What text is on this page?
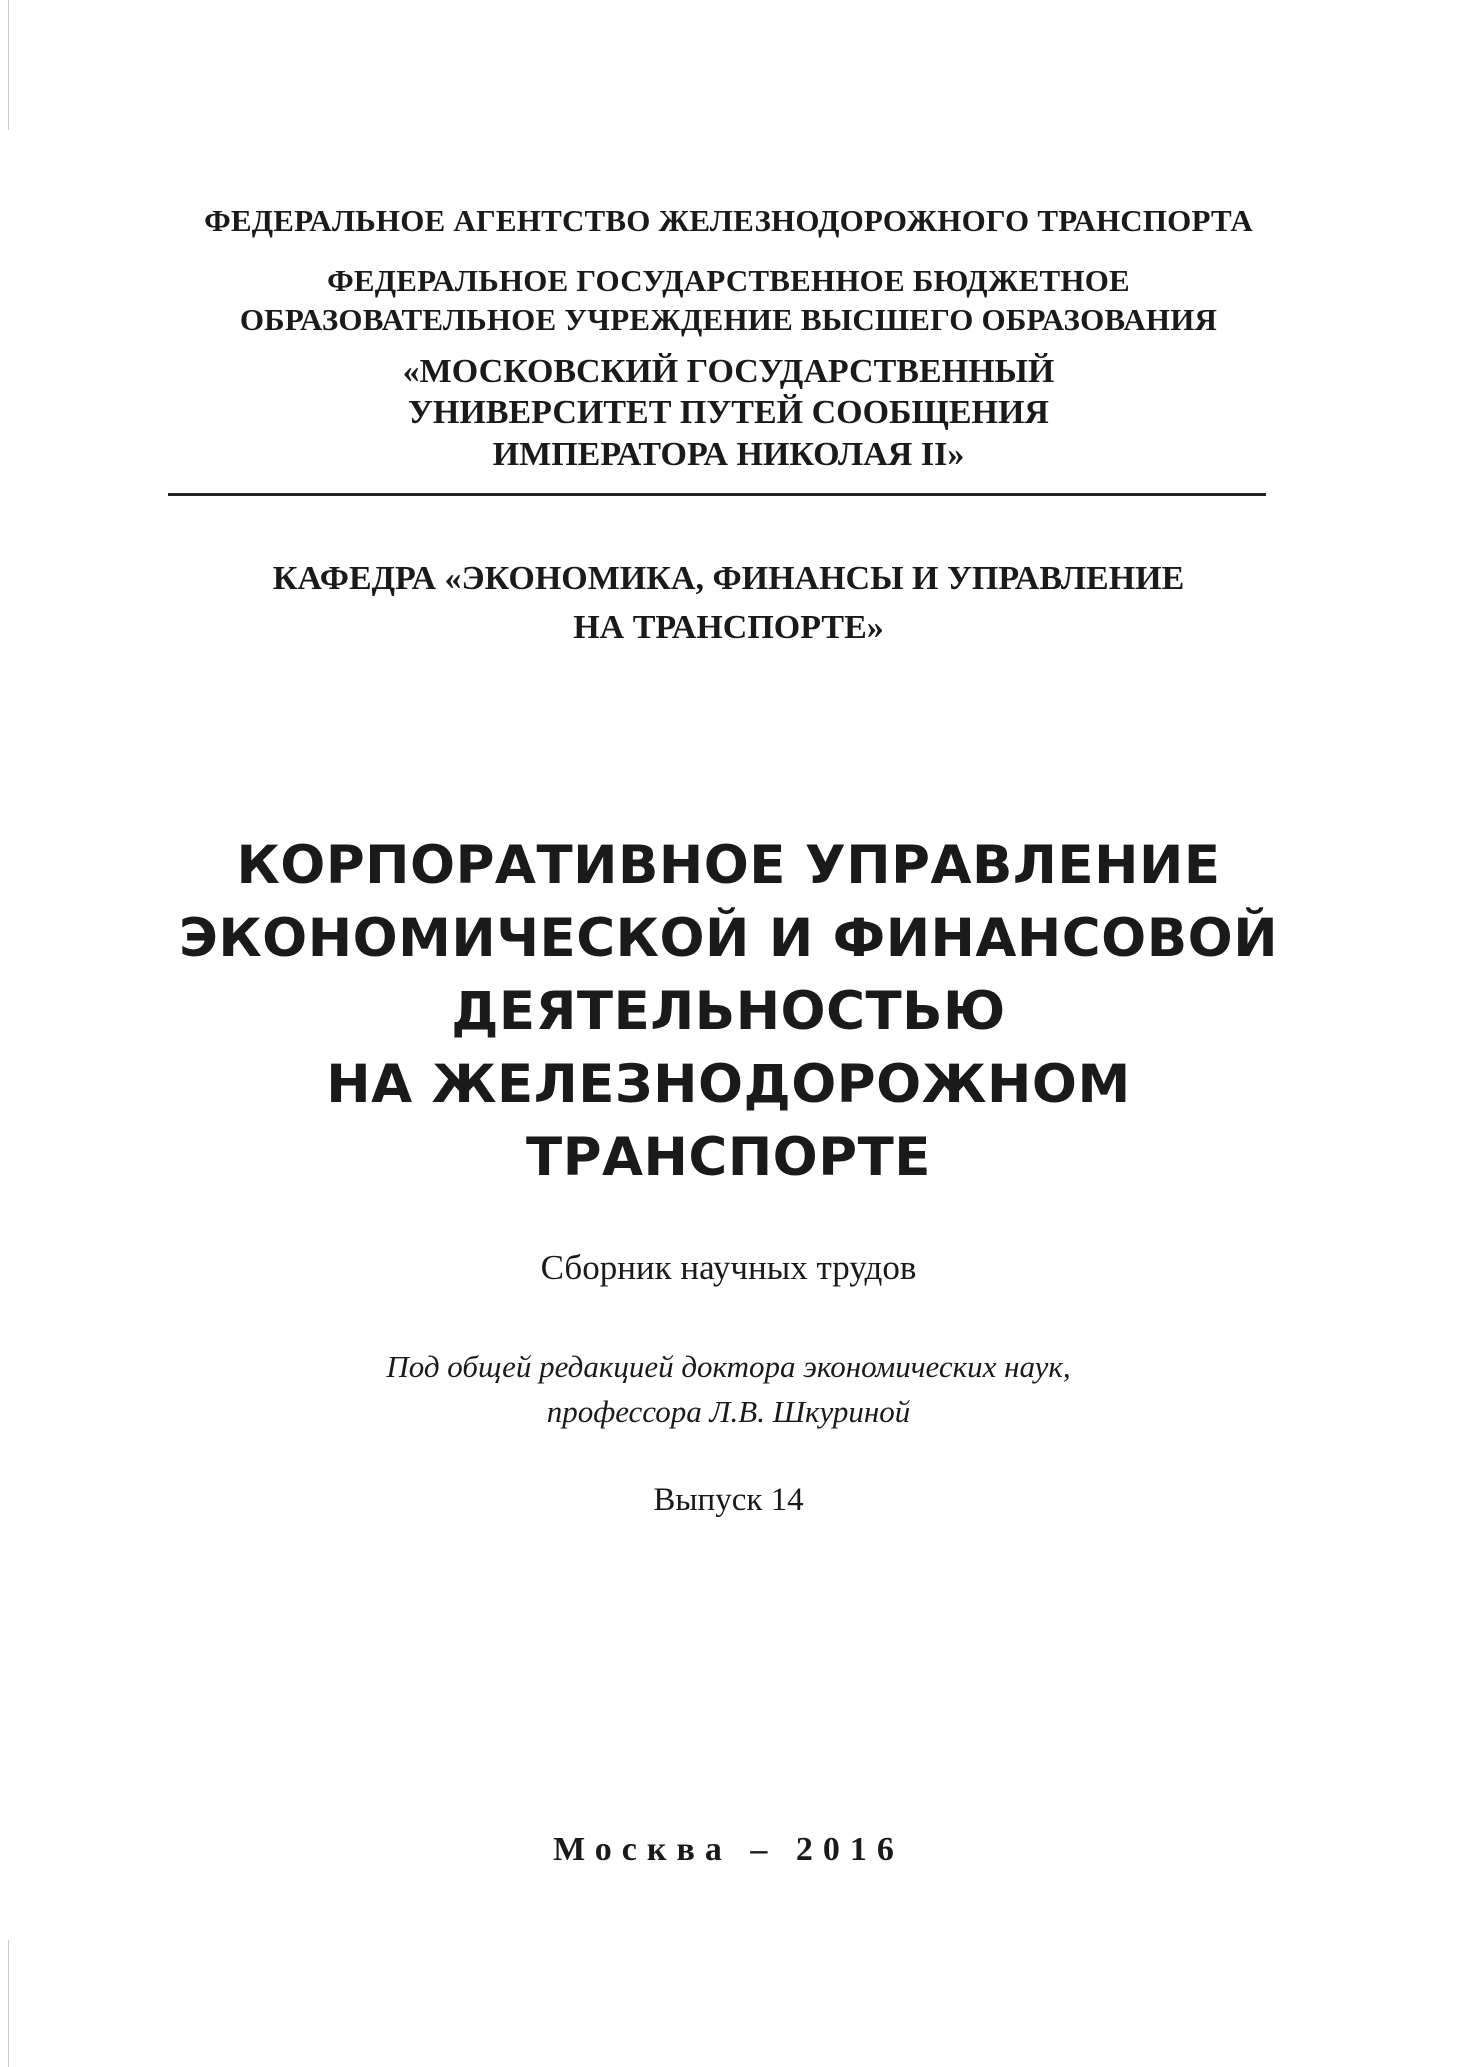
ФЕДЕРАЛЬНОЕ АГЕНТСТВО ЖЕЛЕЗНОДОРОЖНОГО ТРАНСПОРТА
ФЕДЕРАЛЬНОЕ ГОСУДАРСТВЕННОЕ БЮДЖЕТНОЕ
ОБРАЗОВАТЕЛЬНОЕ УЧРЕЖДЕНИЕ ВЫСШЕГО ОБРАЗОВАНИЯ
«МОСКОВСКИЙ ГОСУДАРСТВЕННЫЙ
УНИВЕРСИТЕТ ПУТЕЙ СООБЩЕНИЯ
ИМПЕРАТОРА НИКОЛАЯ II»
КАФЕДРА «ЭКОНОМИКА, ФИНАНСЫ И УПРАВЛЕНИЕ
НА ТРАНСПОРТЕ»
КОРПОРАТИВНОЕ УПРАВЛЕНИЕ
ЭКОНОМИЧЕСКОЙ И ФИНАНСОВОЙ
ДЕЯТЕЛЬНОСТЬЮ
НА ЖЕЛЕЗНОДОРОЖНОМ
ТРАНСПОРТЕ
Сборник научных трудов
Под общей редакцией доктора экономических наук,
профессора Л.В. Шкуриной
Выпуск 14
Москва – 2016
